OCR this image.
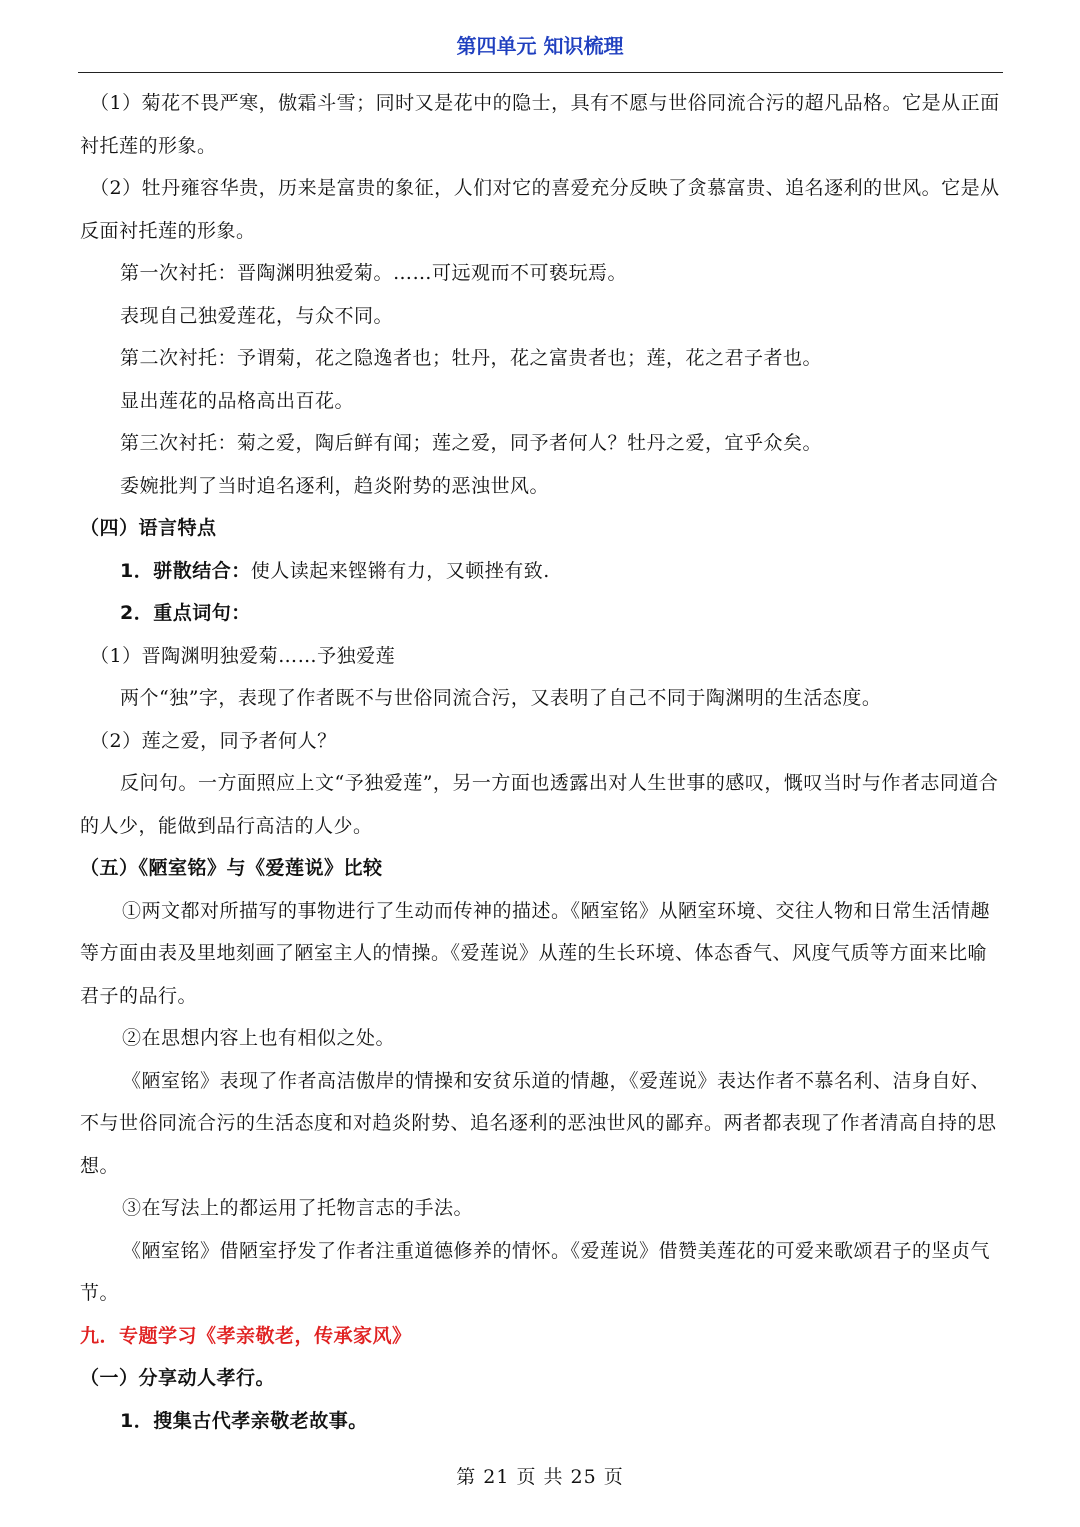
第四单元 知识梳理

（1）菊花不畏严寒，傲霜斗雪；同时又是花中的隐士，具有不愿与世俗同流合污的超凡品格。它是从正面衬托莲的形象。

（2）牡丹雍容华贵，历来是富贵的象征，人们对它的喜爱充分反映了贪慕富贵、追名逐利的世风。它是从反面衬托莲的形象。

第一次衬托：晋陶渊明独爱菊。……可远观而不可亵玩焉。

表现自己独爱莲花，与众不同。

第二次衬托：予谓菊，花之隐逸者也；牡丹，花之富贵者也；莲，花之君子者也。

显出莲花的品格高出百花。

第三次衬托：菊之爱，陶后鲜有闻；莲之爱，同予者何人？牡丹之爱，宜乎众矣。

委婉批判了当时追名逐利，趋炎附势的恶浊世风。

（四）语言特点

1．骈散结合：使人读起来铿锵有力，又顿挫有致.

2．重点词句：

（1）晋陶渊明独爱菊……予独爱莲

两个“独”字，表现了作者既不与世俗同流合污，又表明了自己不同于陶渊明的生活态度。

（2）莲之爱，同予者何人？

反问句。一方面照应上文“予独爱莲”，另一方面也透露出对人生世事的感叹，慨叹当时与作者志同道合的人少，能做到品行高洁的人少。

（五）《陋室铭》与《爱莲说》比较

①两文都对所描写的事物进行了生动而传神的描述。《陋室铭》从陋室环境、交往人物和日常生活情趣等方面由表及里地刻画了陋室主人的情操。《爱莲说》从莲的生长环境、体态香气、风度气质等方面来比喻君子的品行。

②在思想内容上也有相似之处。

《陋室铭》表现了作者高洁傲岸的情操和安贫乐道的情趣，《爱莲说》表达作者不慕名利、洁身自好、不与世俗同流合污的生活态度和对趋炎附势、追名逐利的恶浊世风的鄙弃。两者都表现了作者清高自持的思想。

③在写法上的都运用了托物言志的手法。

《陋室铭》借陋室抒发了作者注重道德修养的情怀。《爱莲说》借赞美莲花的可爱来歌颂君子的坚贞气节。

九．专题学习《孝亲敬老，传承家风》

（一）分享动人孝行。

1．搜集古代孝亲敬老故事。

第 21 页 共 25 页
